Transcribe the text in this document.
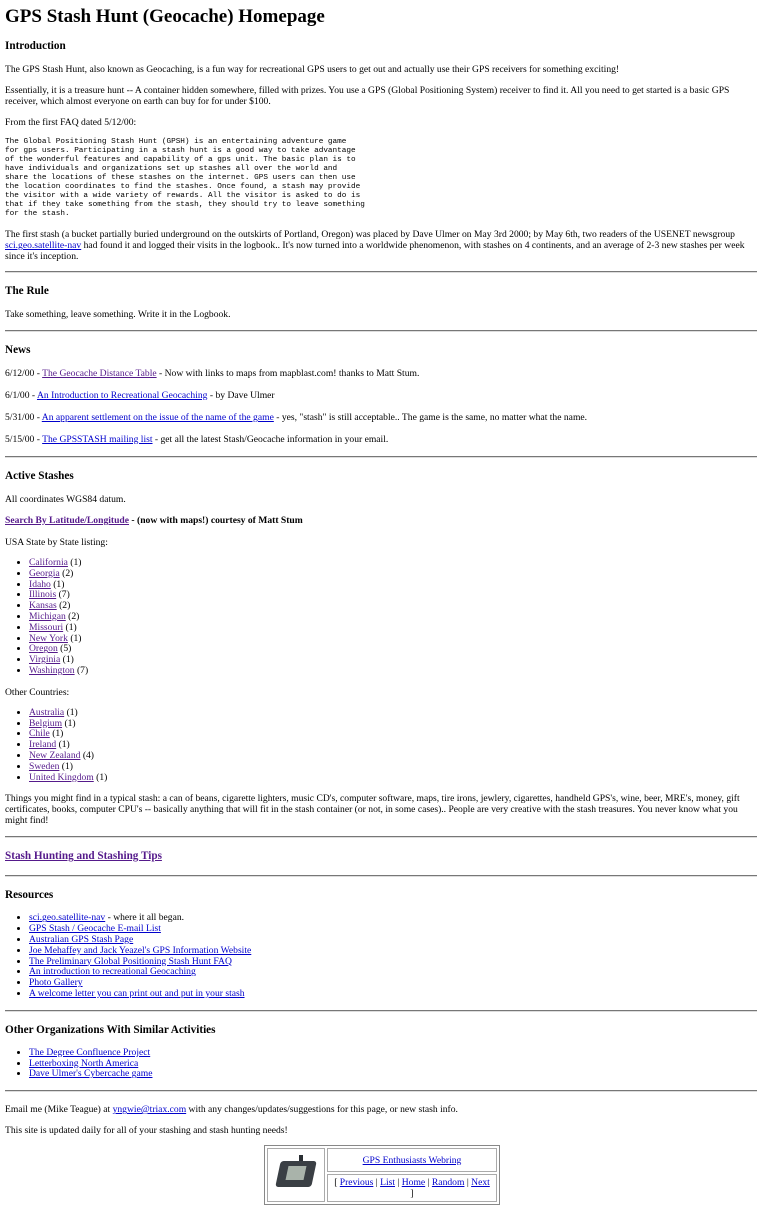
GPS Stash Hunt (Geocache) Homepage
Introduction

The GPS Stash Hunt, also known as Geocaching, is a fun way for recreational GPS users to get out and actually use their GPS receivers for something exciting!

Essentially, it is a treasure hunt -- A container hidden somewhere, filled with prizes. You use a GPS (Global Positioning System) receiver to find it. All you need to get started is a basic GPS receiver, which almost everyone on earth can buy for for under $100.

From the first FAQ dated 5/12/00:

The Global Positioning Stash Hunt (GPSH) is an entertaining adventure game
for gps users. Participating in a stash hunt is a good way to take advantage
of the wonderful features and capability of a gps unit. The basic plan is to
have individuals and organizations set up stashes all over the world and
share the locations of these stashes on the internet. GPS users can then use
the location coordinates to find the stashes. Once found, a stash may provide
the visitor with a wide variety of rewards. All the visitor is asked to do is
that if they take something from the stash, they should try to leave something
for the stash.

The first stash (a bucket partially buried underground on the outskirts of Portland, Oregon) was placed by Dave Ulmer on May 3rd 2000; by May 6th, two readers of the USENET newsgroup
sci.geo.satellite-nav had found it and logged their visits in the logbook.. It's now turned into a worldwide phenomenon, with stashes on 4 continents, and an average of 2-3 new stashes per week since it's inception.

The Rule

Take something, leave something. Write it in the Logbook.

News

6/12/00 - The Geocache Distance Table - Now with links to maps from mapblast.com! thanks to Matt Stum.

6/1/00 - An Introduction to Recreational Geocaching - by Dave Ulmer

5/31/00 - An apparent settlement on the issue of the name of the game - yes, "stash" is still acceptable.. The game is the same, no matter what the name.

5/15/00 - The GPSSTASH mailing list - get all the latest Stash/Geocache information in your email.

Active Stashes

All coordinates WGS84 datum.

Search By Latitude/Longitude - (now with maps!) courtesy of Matt Stum

USA State by State listing:

• California (1)
• Georgia (2)
• Idaho (1)
• Illinois (7)
• Kansas (2)
• Michigan (2)
• Missouri (1)
• New York (1)
• Oregon (5)
• Virginia (1)
• Washington (7)

Other Countries:

• Australia (1)
• Belgium (1)
• Chile (1)
• Ireland (1)
• New Zealand (4)
• Sweden (1)
• United Kingdom (1)

Things you might find in a typical stash: a can of beans, cigarette lighters, music CD's, computer software, maps, tire irons, jewlery, cigarettes, handheld GPS's, wine, beer, MRE's, money, gift certificates, books, computer CPU's -- basically anything that will fit in the stash container (or not, in some cases).. People are very creative with the stash treasures. You never know what you might find!

Stash Hunting and Stashing Tips
Resources
• sci.geo.satellite-nav - where it all began.
• GPS Stash / Geocache E-mail List
• Australian GPS Stash Page
• Joe Mehaffey and Jack Yeazel's GPS Information Website
• The Preliminary Global Positioning Stash Hunt FAQ
• An introduction to recreational Geocaching
• Photo Gallery
• A welcome letter you can print out and put in your stash
Other Organizations With Similar Activities
• The Degree Confluence Project
• Letterboxing North America
• Dave Ulmer's Cybercache game

Email me (Mike Teague) at yngwie@triax.com with any changes/updates/suggestions for this page, or new stash info.

This site is updated daily for all of your stashing and stash hunting needs!

	GPS Enthusiasts Webring
[ Previous | List | Home | Random | Next ]
